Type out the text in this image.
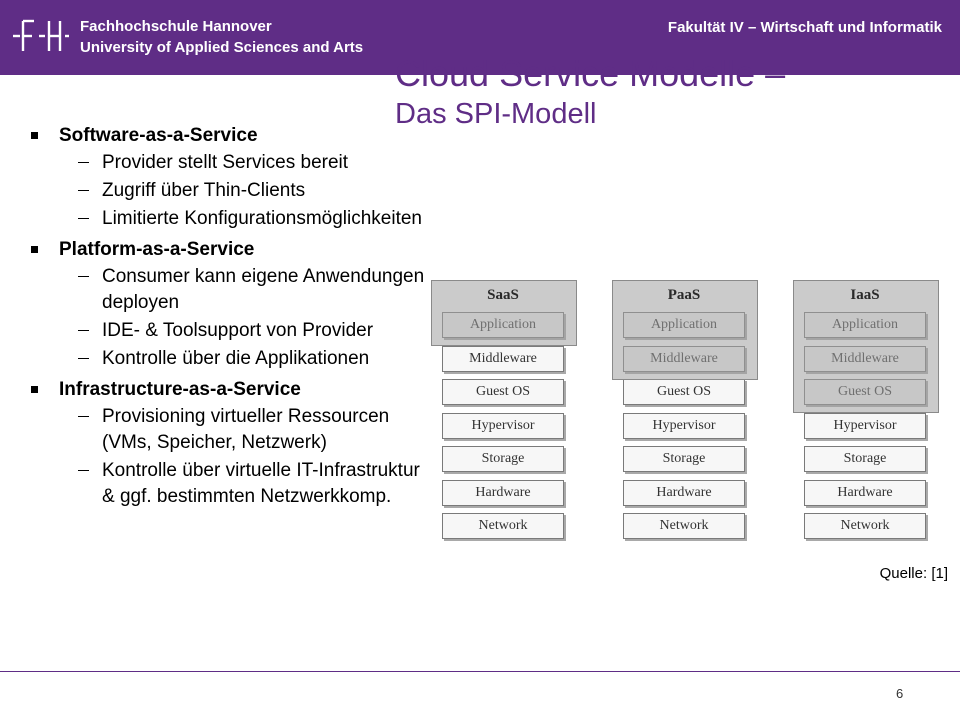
Fachhochschule Hannover
University of Applied Sciences and Arts
Fakultät IV – Wirtschaft und Informatik
Cloud Service Modelle –
Das SPI-Modell
Software-as-a-Service
Provider stellt Services bereit
Zugriff über Thin-Clients
Limitierte Konfigurationsmöglichkeiten
Platform-as-a-Service
Consumer kann eigene Anwendungen deployen
IDE- & Toolsupport von Provider
Kontrolle über die Applikationen
Infrastructure-as-a-Service
Provisioning virtueller Ressourcen (VMs, Speicher, Netzwerk)
Kontrolle über virtuelle IT-Infrastruktur & ggf. bestimmten Netzwerkkomp.
Middleware
Guest OS
Hypervisor
Storage
Hardware
Network
SaaS
Guest OS
Hypervisor
Storage
Hardware
Network
PaaS
Hypervisor
Storage
Hardware
Network
IaaS
Quelle: [1]
6
